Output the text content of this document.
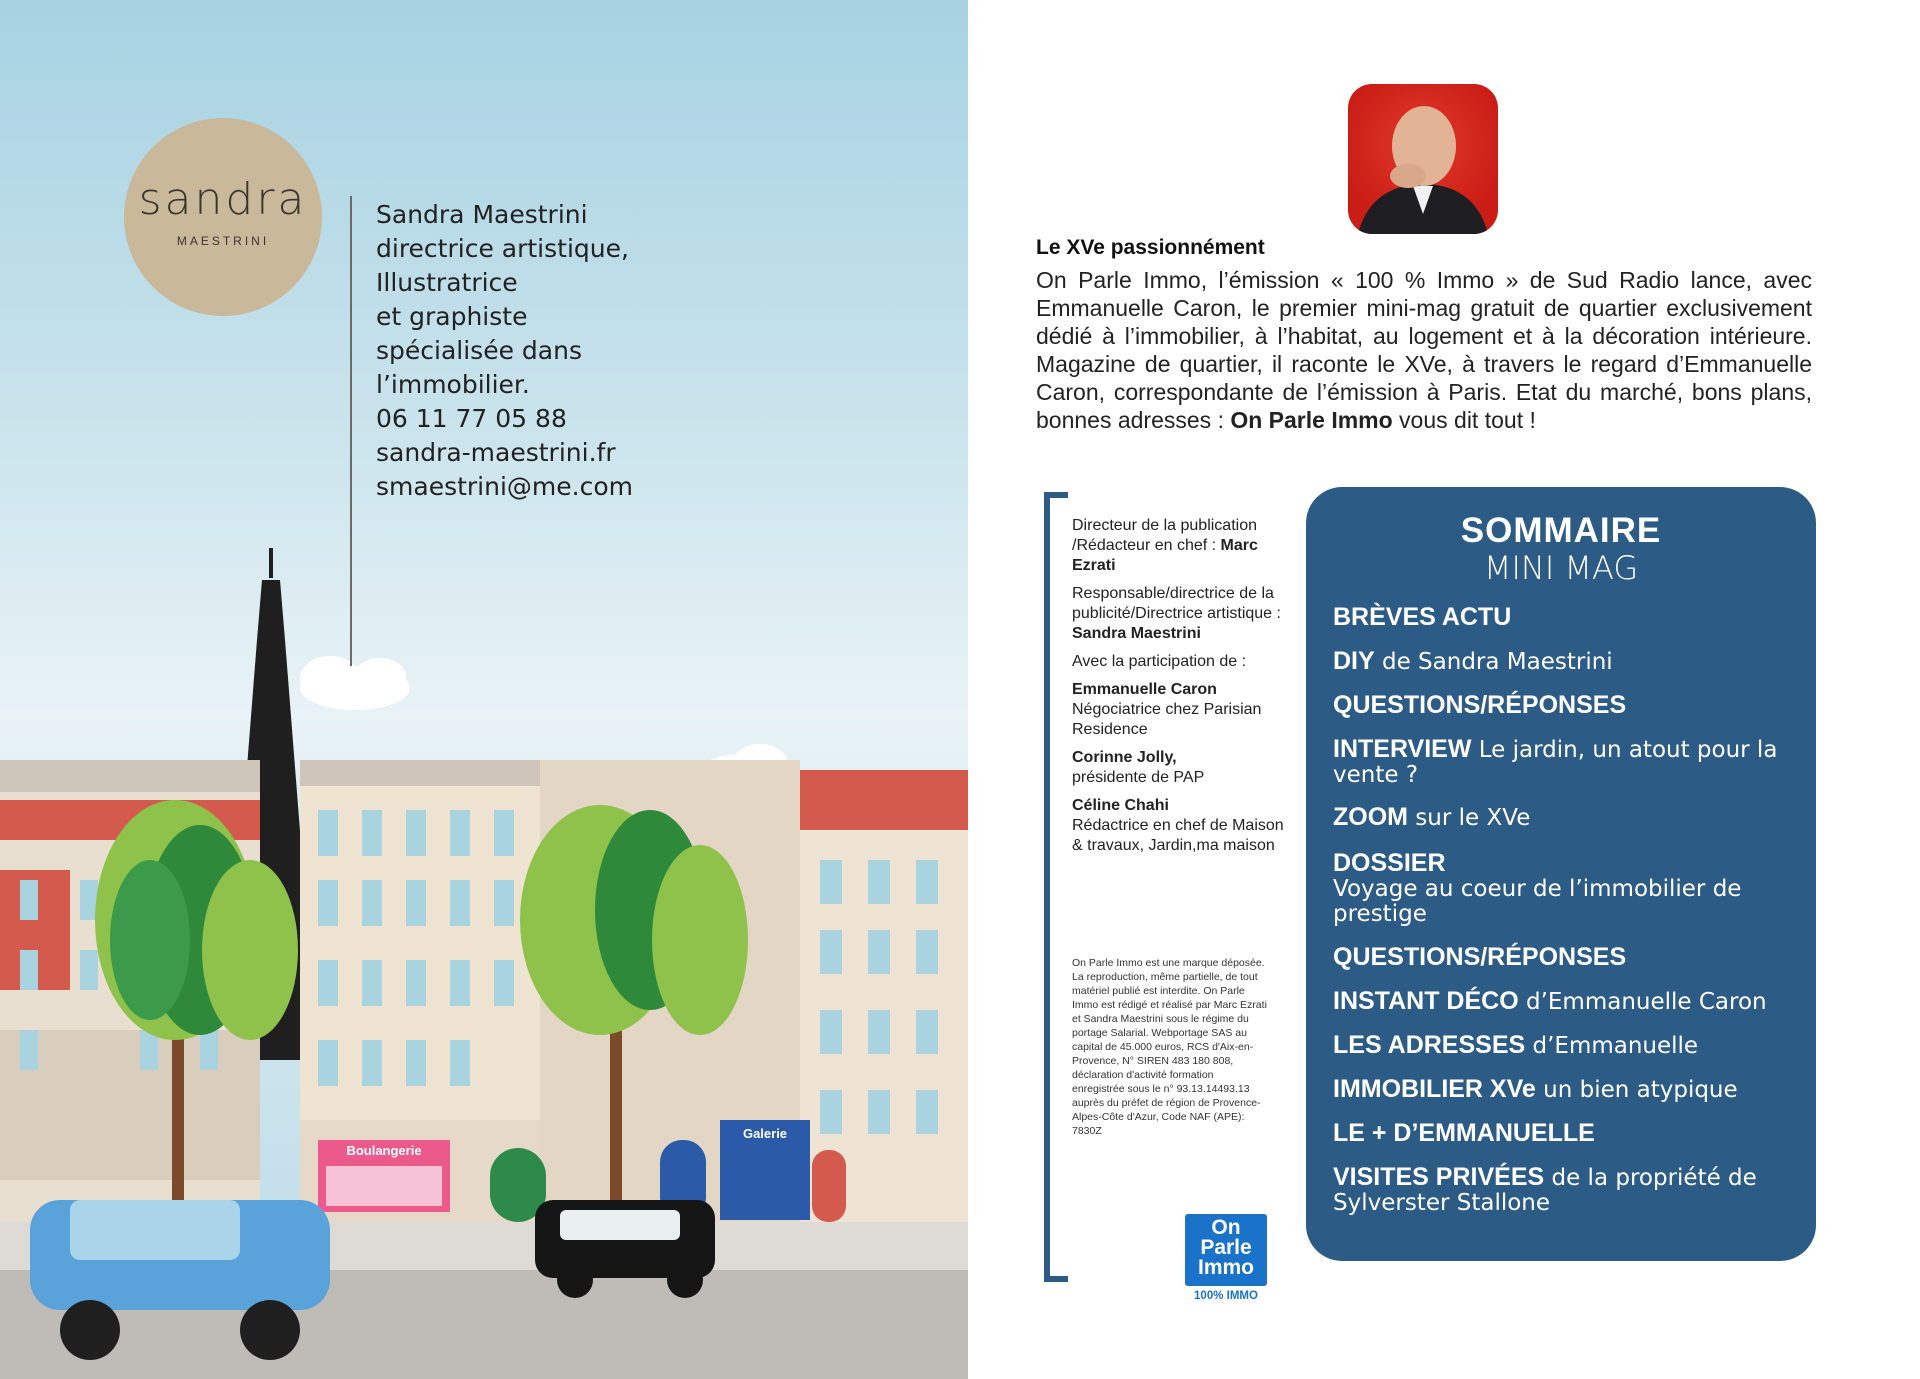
Boulangerie
Galerie
sandra
MAESTRINI
Sandra Maestrini
directrice artistique,
Illustratrice
et graphiste
spécialisée dans
l’immobilier.
06 11 77 05 88
sandra-maestrini.fr
smaestrini@me.com
Le XVe passionnément
On Parle Immo, l’émission « 100 % Immo » de Sud Radio lance, avec Emmanuelle Caron, le premier mini-mag gratuit de quartier exclusivement dédié à l’immobilier, à l’habitat, au logement et à la décoration intérieure. Magazine de quartier, il raconte le XVe, à travers le regard d’Emmanuelle Caron, correspondante de l’émission à Paris. Etat du marché, bons plans, bonnes adresses : On Parle Immo vous dit tout !

Directeur de la publication /Rédacteur en chef : Marc Ezrati

Responsable/directrice de la publicité/Directrice artistique :
Sandra Maestrini

Avec la participation de :

Emmanuelle Caron
Négociatrice chez Parisian Residence

Corinne Jolly,
présidente de PAP

Céline Chahi
Rédactrice en chef de Maison & travaux, Jardin,ma maison

On Parle Immo est une marque déposée. La reproduction, même partielle, de tout matériel publié est interdite. On Parle Immo est rédigé et réalisé par Marc Ezrati et Sandra Maestrini sous le régime du portage Salarial. Webportage SAS au capital de 45.000 euros, RCS d'Aix-en-Provence, N° SIREN 483 180 808, déclaration d'activité formation enregistrée sous le n° 93.13.14493.13 auprès du préfet de région de Provence-Alpes-Côte d'Azur, Code NAF (APE): 7830Z
On
Parle
Immo
100% IMMO
SOMMAIRE
MINI MAG
BRÈVES ACTU
DIY de Sandra Maestrini
QUESTIONS/RÉPONSES
INTERVIEW Le jardin, un atout pour la vente ?
ZOOM sur le XVe
DOSSIER
Voyage au coeur de l’immobilier de prestige
QUESTIONS/RÉPONSES
INSTANT DÉCO d’Emmanuelle Caron
LES ADRESSES d’Emmanuelle
IMMOBILIER XVe un bien atypique
LE + D’EMMANUELLE
VISITES PRIVÉES de la propriété de Sylverster Stallone
